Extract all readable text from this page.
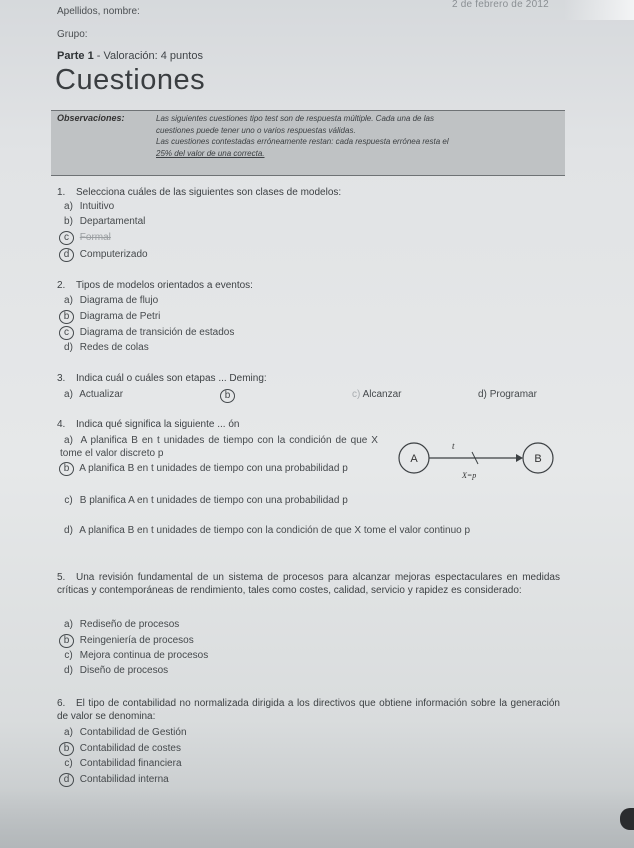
2 de febrero de 2012
Apellidos, nombre:
Grupo:
Parte 1 - Valoración: 4 puntos
Cuestiones
Observaciones:	Las siguientes cuestiones tipo test son de respuesta múltiple. Cada una de las
cuestiones puede tener uno o varios respuestas válidas.
Las cuestiones contestadas erróneamente restan: cada respuesta errónea resta el
25% del valor de una correcta.
1. Selecciona cuáles de las siguientes son clases de modelos:
a) Intuitivo
b) Departamental
c Formal
d Computerizado
2. Tipos de modelos orientados a eventos:
a) Diagrama de flujo
b Diagrama de Petri
c Diagrama de transición de estados
d) Redes de colas
3. Indica cuál o cuáles son etapas ... Deming:
a) Actualizar	b	c) Alcanzar	d) Programar
4. Indica qué significa la siguiente ... ón
a) A planifica B en t unidades de tiempo con la condición de que X tome el valor discreto p
b A planifica B en t unidades de tiempo con una probabilidad p
c) B planifica A en t unidades de tiempo con una probabilidad p
d) A planifica B en t unidades de tiempo con la condición de que X tome el valor continuo p
A
t
X=p
B
5. Una revisión fundamental de un sistema de procesos para alcanzar mejoras espectaculares en medidas críticas y contemporáneas de rendimiento, tales como costes, calidad, servicio y rapidez es considerado:
a) Rediseño de procesos
b Reingeniería de procesos
c) Mejora continua de procesos
d) Diseño de procesos
6. El tipo de contabilidad no normalizada dirigida a los directivos que obtiene información sobre la generación de valor se denomina:
a) Contabilidad de Gestión
b Contabilidad de costes
c) Contabilidad financiera
d Contabilidad interna
